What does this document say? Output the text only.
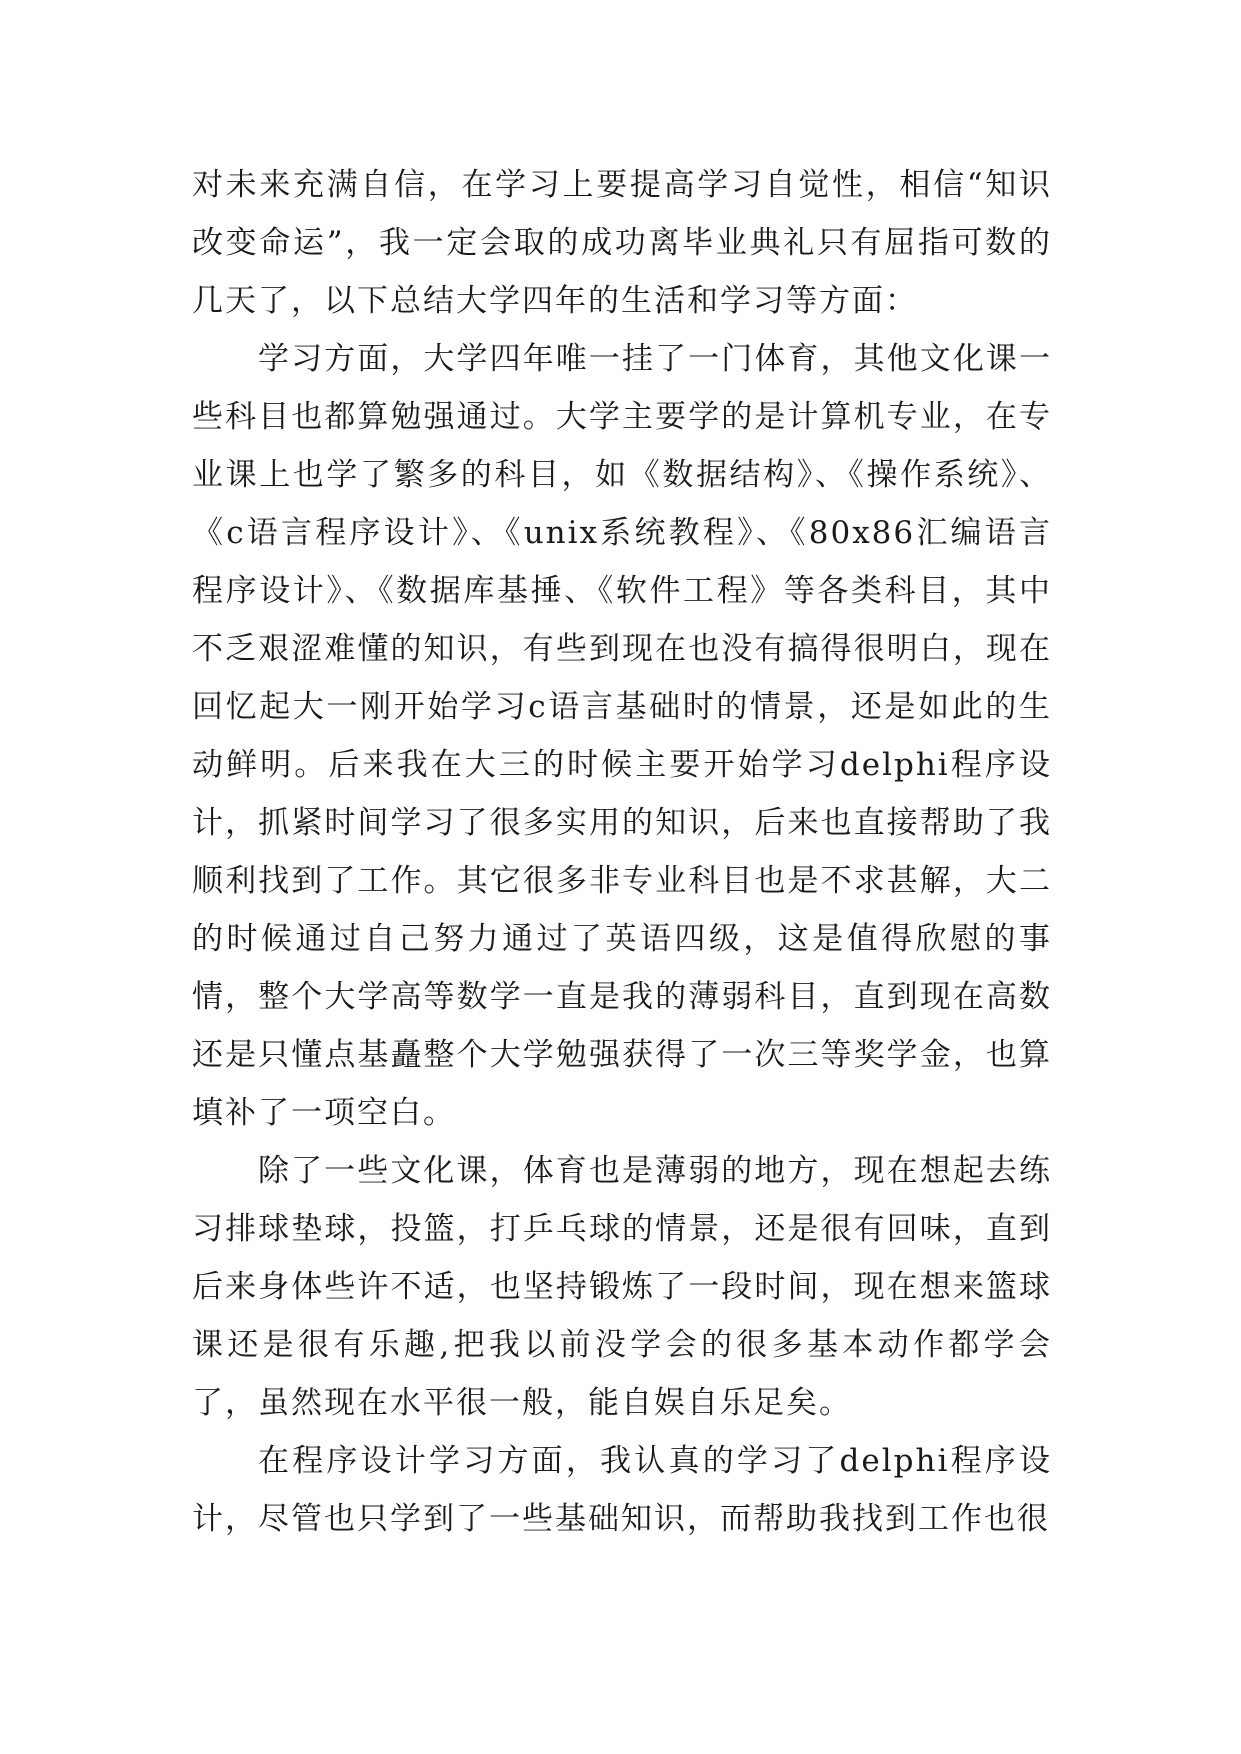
对未来充满自信，在学习上要提高学习自觉性，相信“知识改变命运”，我一定会取的成功离毕业典礼只有屈指可数的几天了，以下总结大学四年的生活和学习等方面：

学习方面，大学四年唯一挂了一门体育，其他文化课一些科目也都算勉强通过。大学主要学的是计算机专业，在专业课上也学了繁多的科目，如《数据结构》、《操作系统》、《c语言程序设计》、《unix系统教程》、《80x86汇编语言程序设计》、《数据库基捶、《软件工程》等各类科目，其中不乏艰涩难懂的知识，有些到现在也没有搞得很明白，现在回忆起大一刚开始学习c语言基础时的情景，还是如此的生动鲜明。后来我在大三的时候主要开始学习delphi程序设计，抓紧时间学习了很多实用的知识，后来也直接帮助了我顺利找到了工作。其它很多非专业科目也是不求甚解，大二的时候通过自己努力通过了英语四级，这是值得欣慰的事情，整个大学高等数学一直是我的薄弱科目，直到现在高数还是只懂点基矗整个大学勉强获得了一次三等奖学金，也算填补了一项空白。

除了一些文化课，体育也是薄弱的地方，现在想起去练习排球垫球，投篮，打乒乓球的情景，还是很有回味，直到后来身体些许不适，也坚持锻炼了一段时间，现在想来篮球课还是很有乐趣,把我以前没学会的很多基本动作都学会了，虽然现在水平很一般，能自娱自乐足矣。

在程序设计学习方面，我认真的学习了delphi程序设计，尽管也只学到了一些基础知识，而帮助我找到工作也很
